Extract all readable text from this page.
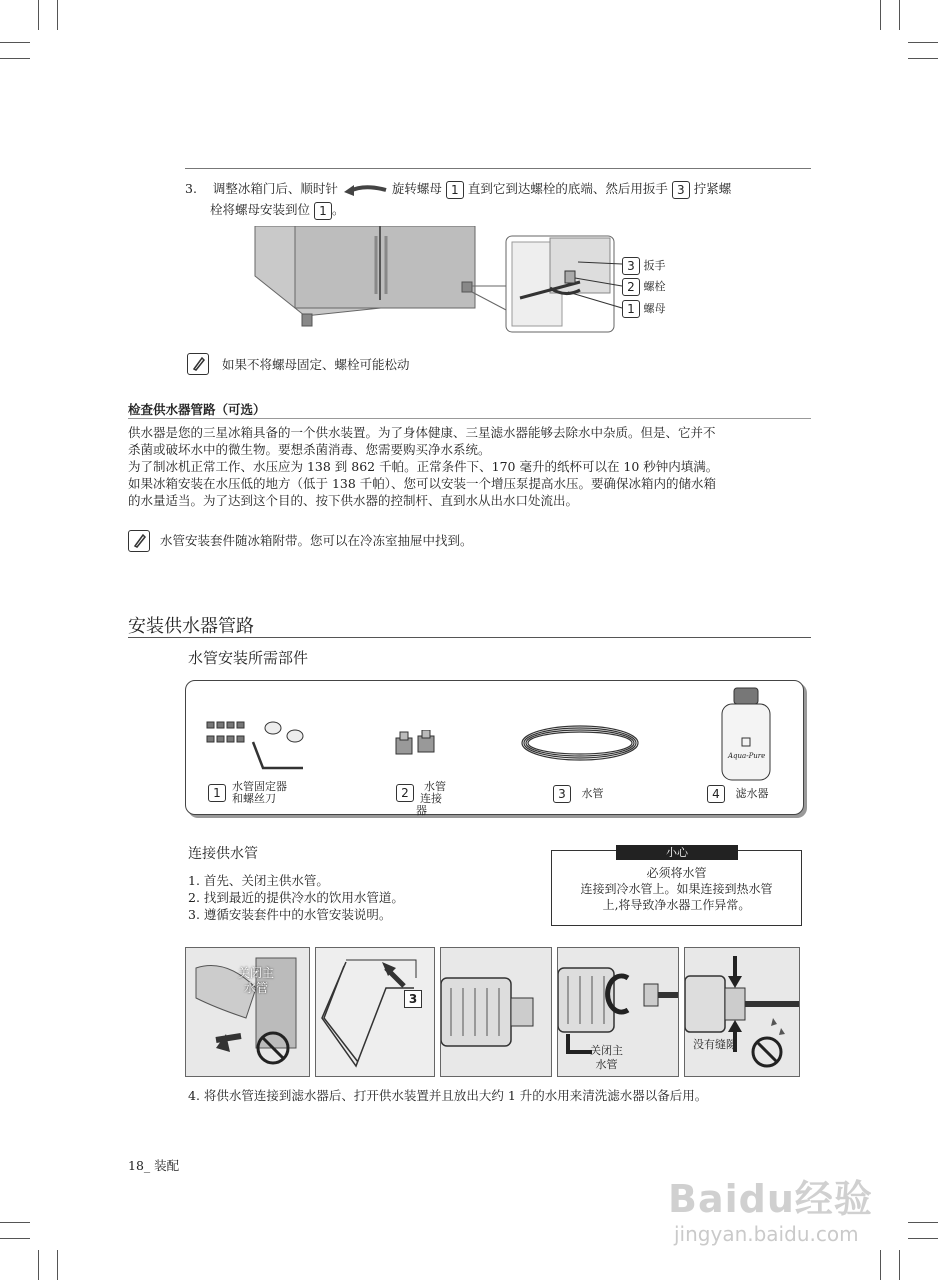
3. 调整冰箱门后、顺时针	旋转螺母 1 直到它到达螺栓的底端、然后用扳手 3 拧紧螺
栓将螺母安装到位 1 。
3 扳手
2 螺栓
1 螺母
如果不将螺母固定、螺栓可能松动
检查供水器管路（可选）
供水器是您的三星冰箱具备的一个供水装置。为了身体健康、三星滤水器能够去除水中杂质。但是、它并不
杀菌或破坏水中的微生物。要想杀菌消毒、您需要购买净水系统。
为了制冰机正常工作、水压应为 138 到 862 千帕。正常条件下、170 毫升的纸杯可以在 10 秒钟内填满。
如果冰箱安装在水压低的地方（低于 138 千帕）、您可以安装一个增压泵提高水压。要确保冰箱内的储水箱
的水量适当。为了达到这个目的、按下供水器的控制杆、直到水从出水口处流出。
水管安装套件随冰箱附带。您可以在冷冻室抽屉中找到。
安装供水器管路
水管安装所需部件
Aqua-Pure
1	水管固定器
和螺丝刀	2	水管
连接器
3 水管	4 滤水器
连接供水管
1. 首先、关闭主供水管。
2. 找到最近的提供冷水的饮用水管道。
3. 遵循安装套件中的水管安装说明。
小心
必须将水管
连接到冷水管上。如果连接到热水管
上,将导致净水器工作异常。
关闭主
水管
3
关闭主
水管
没有缝隙
4. 将供水管连接到滤水器后、打开供水装置并且放出大约 1 升的水用来清洗滤水器以备后用。
18_ 装配
Baidu经验
jingyan.baidu.com
